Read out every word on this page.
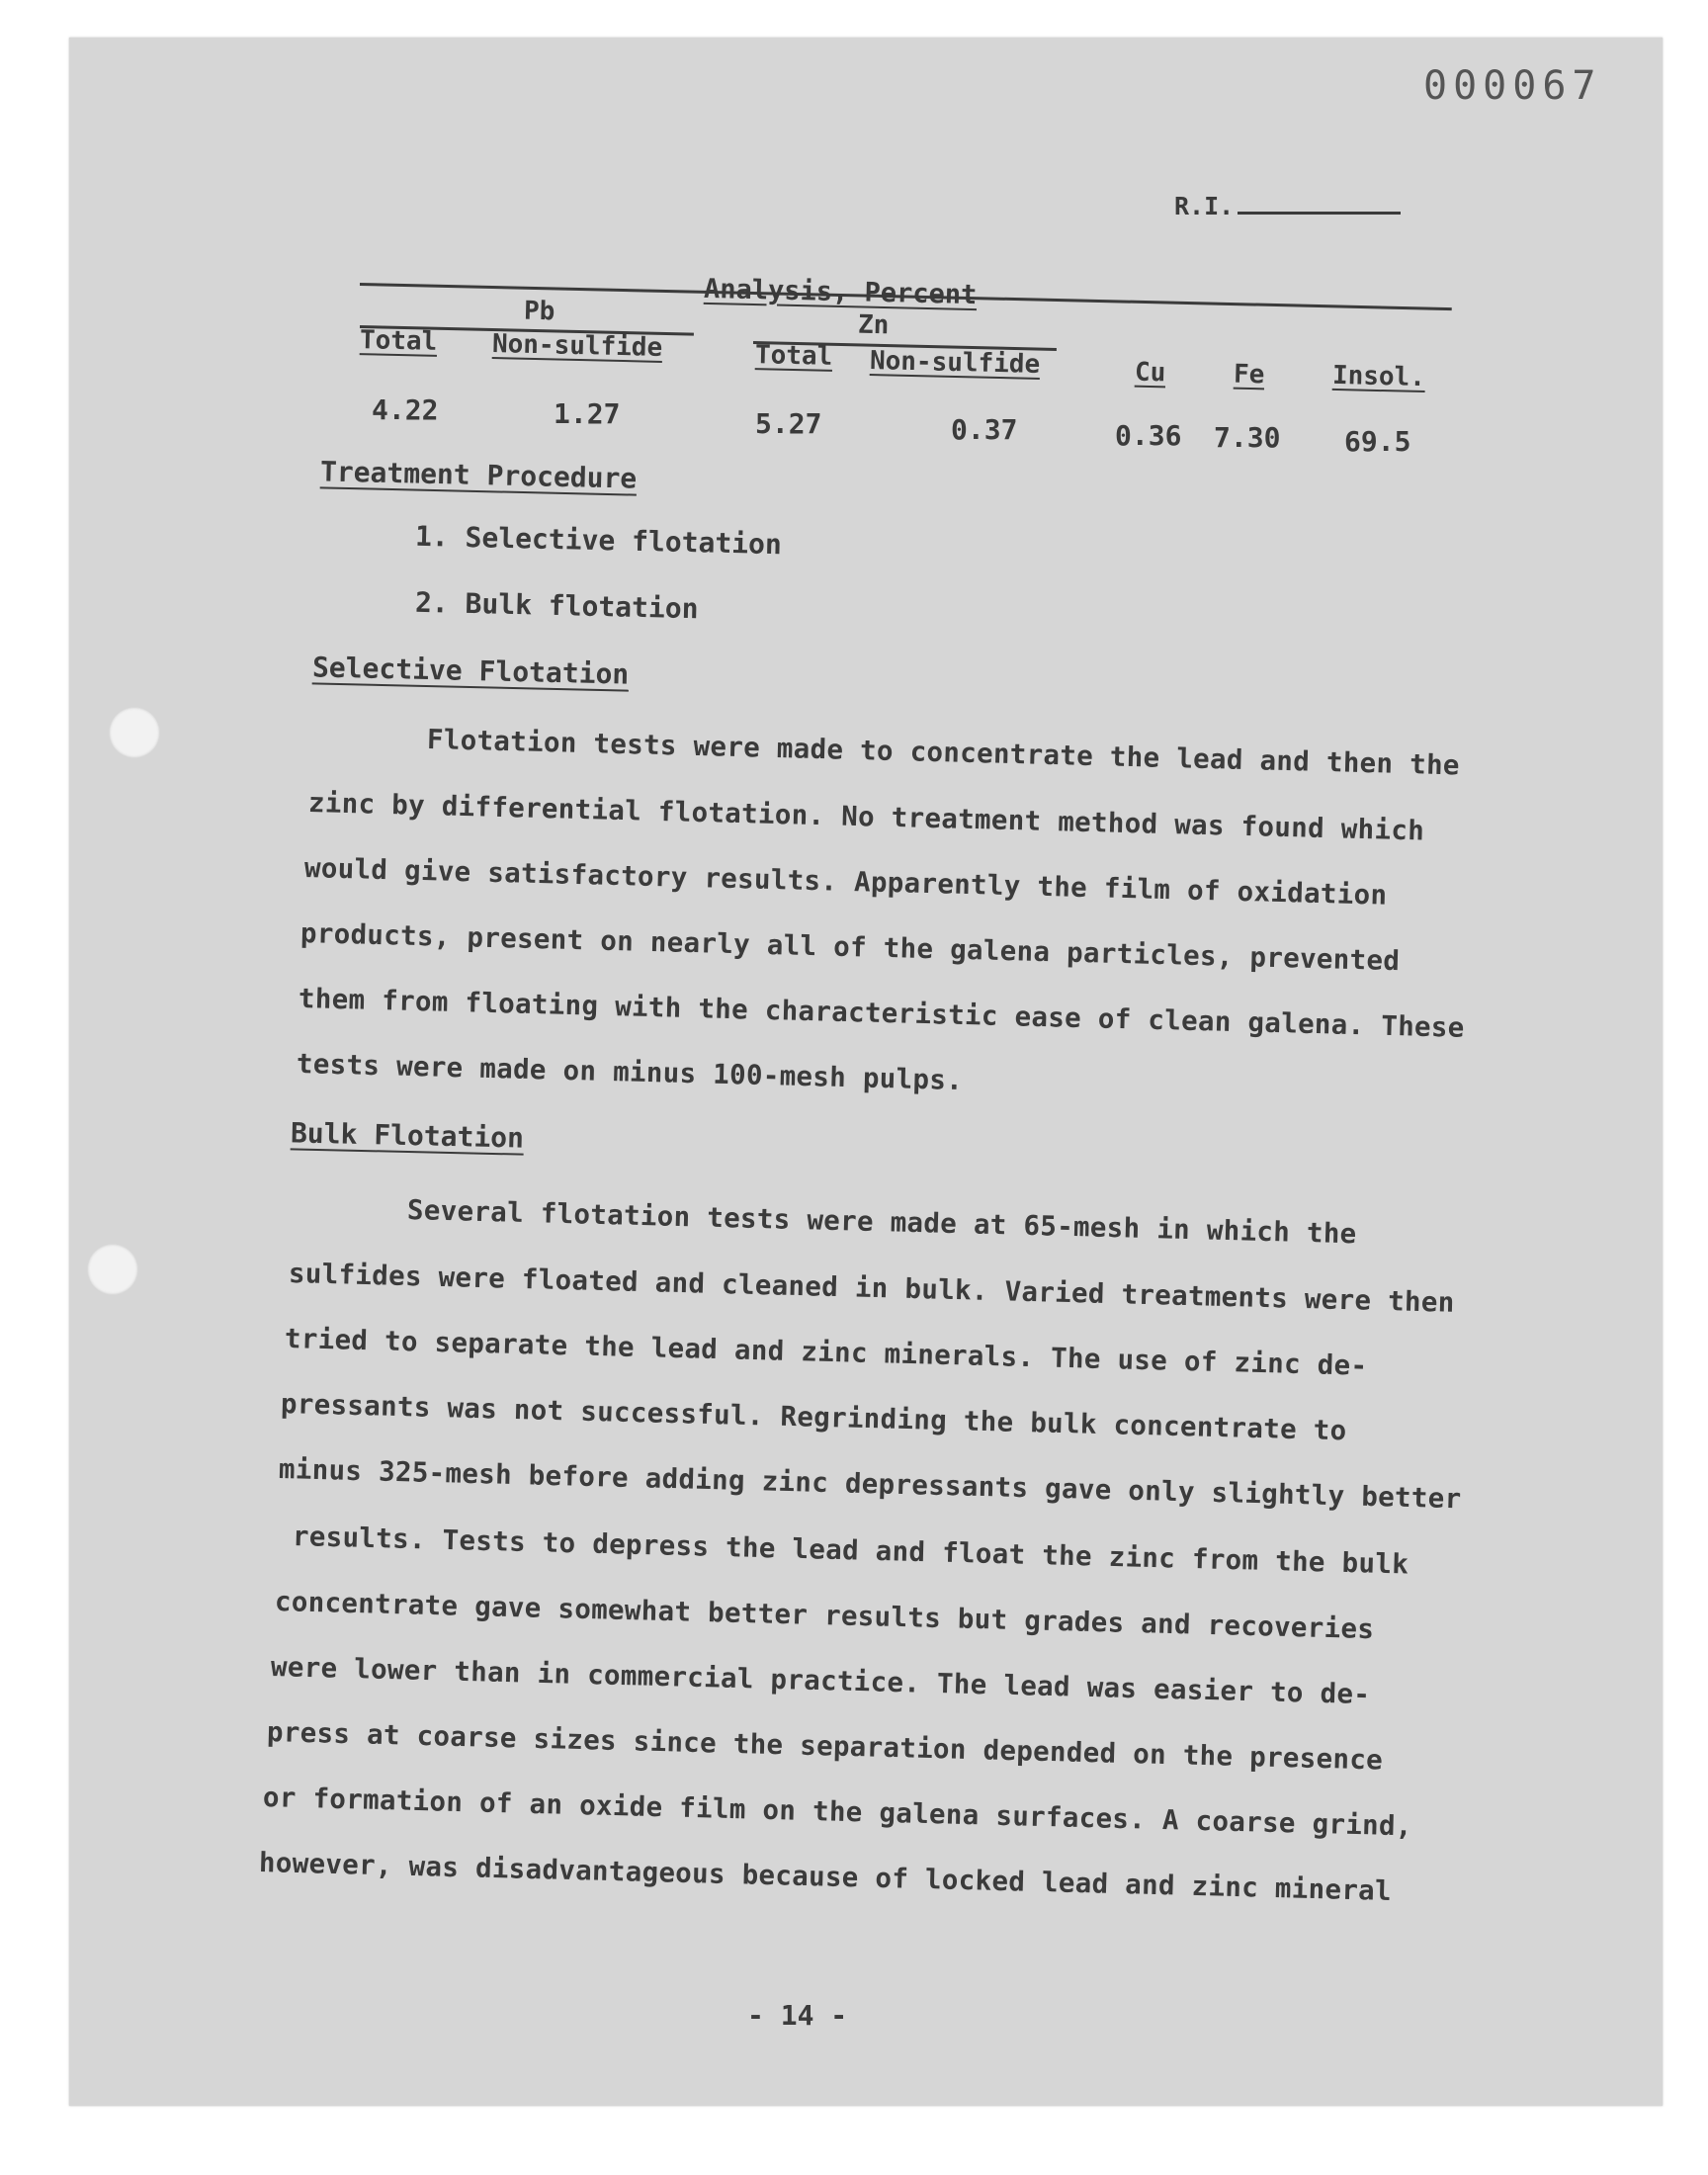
000067
R.I.
Analysis, Percent
Pb	Zn
Total Non-sulfide	Total Non-sulfide	Cu	Fe	Insol.
4.22	1.27	5.27	0.37	0.36 7.30 69.5
Treatment Procedure
1. Selective flotation
2. Bulk flotation
Selective Flotation
Flotation tests were made to concentrate the lead and then the
zinc by differential flotation. No treatment method was found which
would give satisfactory results. Apparently the film of oxidation
products, present on nearly all of the galena particles, prevented
them from floating with the characteristic ease of clean galena. These
tests were made on minus 100-mesh pulps.
Bulk Flotation
Several flotation tests were made at 65-mesh in which the
sulfides were floated and cleaned in bulk. Varied treatments were then
tried to separate the lead and zinc minerals. The use of zinc de-
pressants was not successful. Regrinding the bulk concentrate to
minus 325-mesh before adding zinc depressants gave only slightly better
results. Tests to depress the lead and float the zinc from the bulk
concentrate gave somewhat better results but grades and recoveries
were lower than in commercial practice. The lead was easier to de-
press at coarse sizes since the separation depended on the presence
or formation of an oxide film on the galena surfaces. A coarse grind,
however, was disadvantageous because of locked lead and zinc mineral
- 14 -
